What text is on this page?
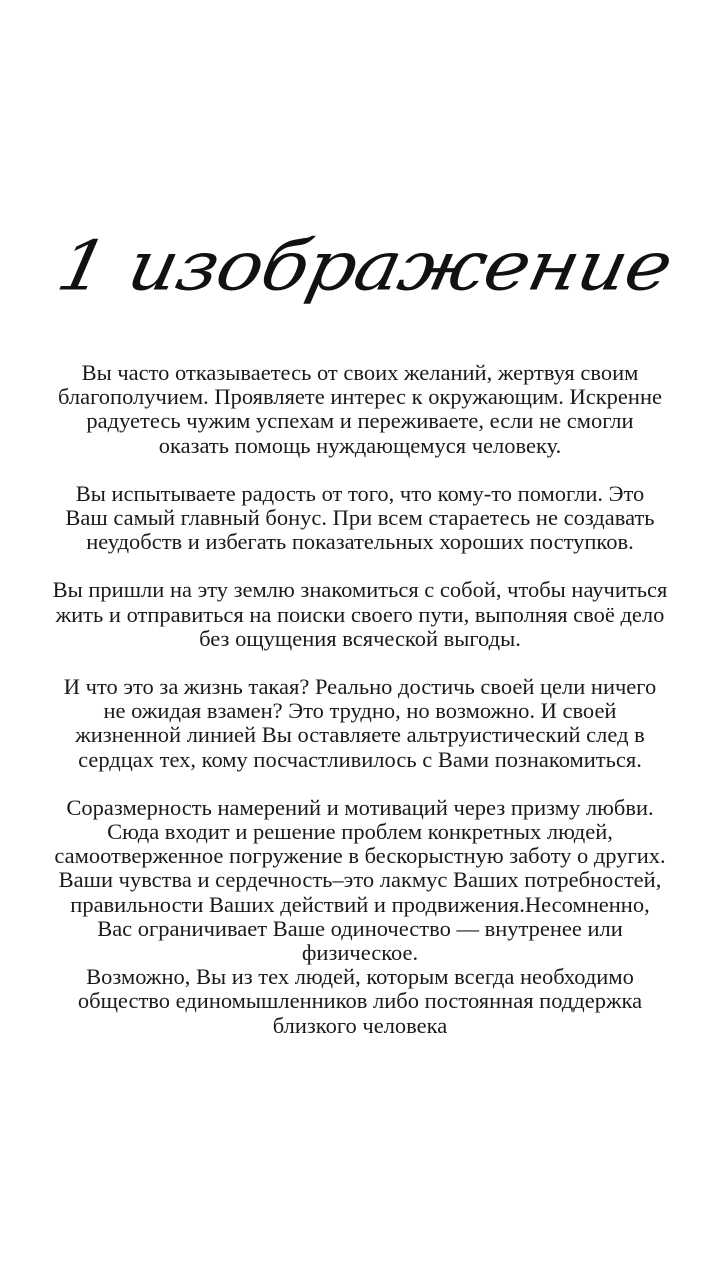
1 изображение

Вы часто отказываетесь от своих желаний, жертвуя своим благополучием. Проявляете интерес к окружающим. Искренне радуетесь чужим успехам и переживаете, если не смогли оказать помощь нуждающемуся человеку.

Вы испытываете радость от того, что кому-то помогли. Это Ваш самый главный бонус. При всем стараетесь не создавать неудобств и избегать показательных хороших поступков.

Вы пришли на эту землю знакомиться с собой, чтобы научиться жить и отправиться на поиски своего пути, выполняя своё дело без ощущения всяческой выгоды.

И что это за жизнь такая? Реально достичь своей цели ничего не ожидая взамен? Это трудно, но возможно. И своей жизненной линией Вы оставляете альтруистический след в сердцах тех, кому посчастливилось с Вами познакомиться.

Соразмерность намерений и мотиваций через призму любви. Сюда входит и решение проблем конкретных людей, самоотверженное погружение в бескорыстную заботу о других. Ваши чувства и сердечность–это лакмус Ваших потребностей, правильности Ваших действий и продвижения.Несомненно, Вас ограничивает Ваше одиночество — внутренее или физическое.

Возможно, Вы из тех людей, которым всегда необходимо общество единомышленников либо постоянная поддержка близкого человека
